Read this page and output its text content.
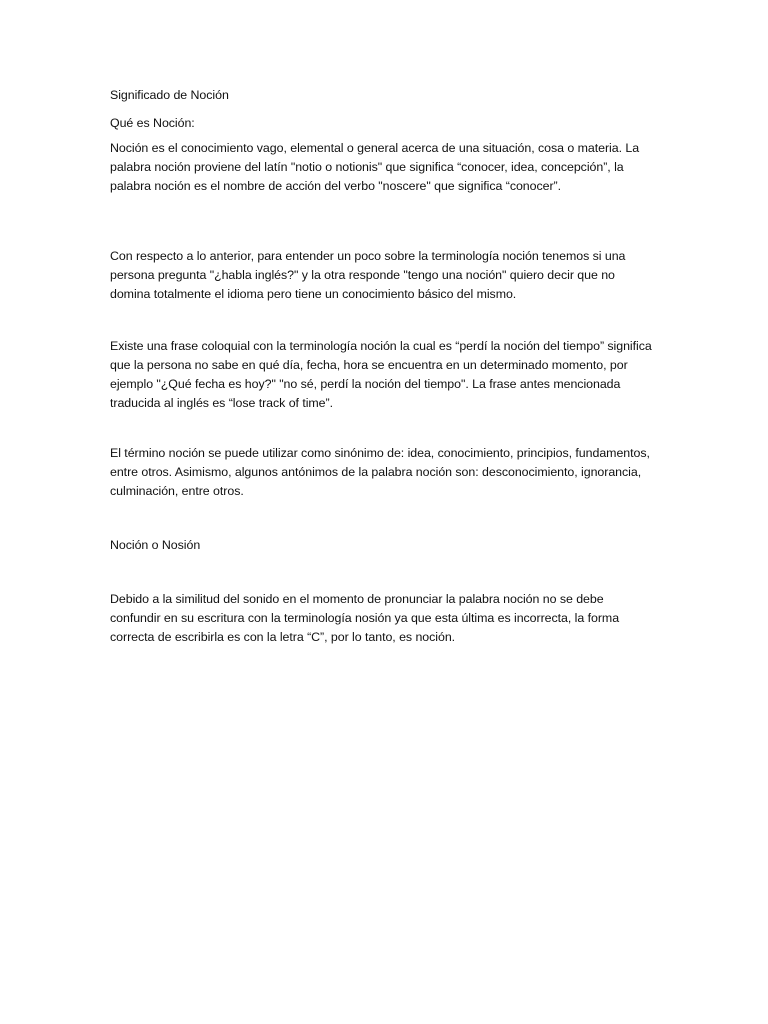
Significado de Noción

Qué es Noción:

Noción es el conocimiento vago, elemental o general acerca de una situación, cosa o materia. La palabra noción proviene del latín "notio o notionis" que significa “conocer, idea, concepción”, la palabra noción es el nombre de acción del verbo "noscere" que significa “conocer”.

Con respecto a lo anterior, para entender un poco sobre la terminología noción tenemos si una persona pregunta "¿habla inglés?" y la otra responde "tengo una noción" quiero decir que no domina totalmente el idioma pero tiene un conocimiento básico del mismo.

Existe una frase coloquial con la terminología noción la cual es “perdí la noción del tiempo” significa que la persona no sabe en qué día, fecha, hora se encuentra en un determinado momento, por ejemplo "¿Qué fecha es hoy?" "no sé, perdí la noción del tiempo". La frase antes mencionada traducida al inglés es “lose track of time”.

El término noción se puede utilizar como sinónimo de: idea, conocimiento, principios, fundamentos, entre otros. Asimismo, algunos antónimos de la palabra noción son: desconocimiento, ignorancia, culminación, entre otros.

Noción o Nosión

Debido a la similitud del sonido en el momento de pronunciar la palabra noción no se debe confundir en su escritura con la terminología nosión ya que esta última es incorrecta, la forma correcta de escribirla es con la letra “C”, por lo tanto, es noción.
